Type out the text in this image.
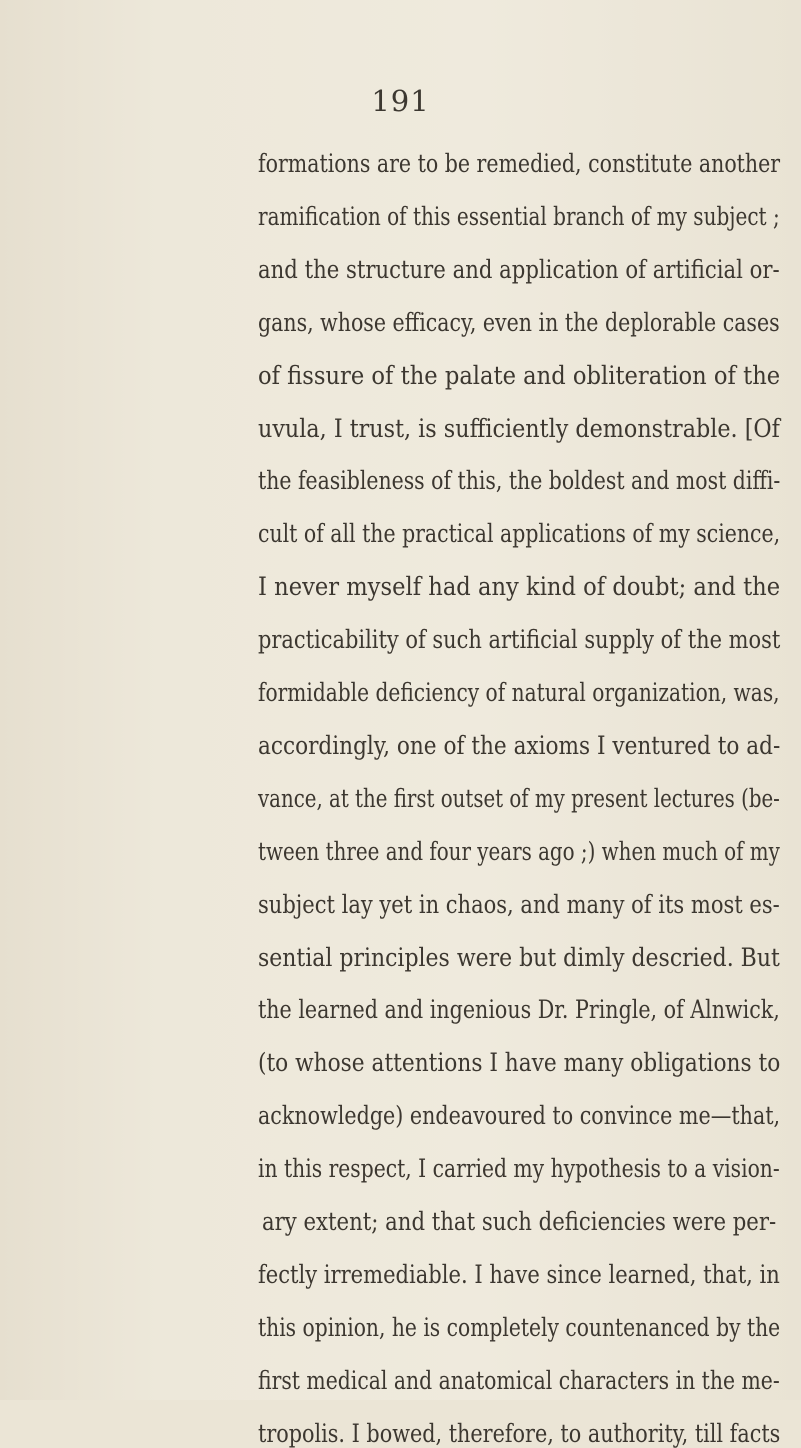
191
formations are to be remedied, constitute another
ramification of this essential branch of my subject ;
and the structure and application of artificial or-
gans, whose efficacy, even in the deplorable cases
of fissure of the palate and obliteration of the
uvula, I trust, is sufficiently demonstrable. [Of
the feasibleness of this, the boldest and most diffi-
cult of all the practical applications of my science,
I never myself had any kind of doubt; and the
practicability of such artificial supply of the most
formidable deficiency of natural organization, was,
accordingly, one of the axioms I ventured to ad-
vance, at the first outset of my present lectures (be-
tween three and four years ago ;) when much of my
subject lay yet in chaos, and many of its most es-
sential principles were but dimly descried. But
the learned and ingenious Dr. Pringle, of Alnwick,
(to whose attentions I have many obligations to
acknowledge) endeavoured to convince me—that,
in this respect, I carried my hypothesis to a vision-
ary extent; and that such deficiencies were per-
fectly irremediable. I have since learned, that, in
this opinion, he is completely countenanced by the
first medical and anatomical characters in the me-
tropolis. I bowed, therefore, to authority, till facts
